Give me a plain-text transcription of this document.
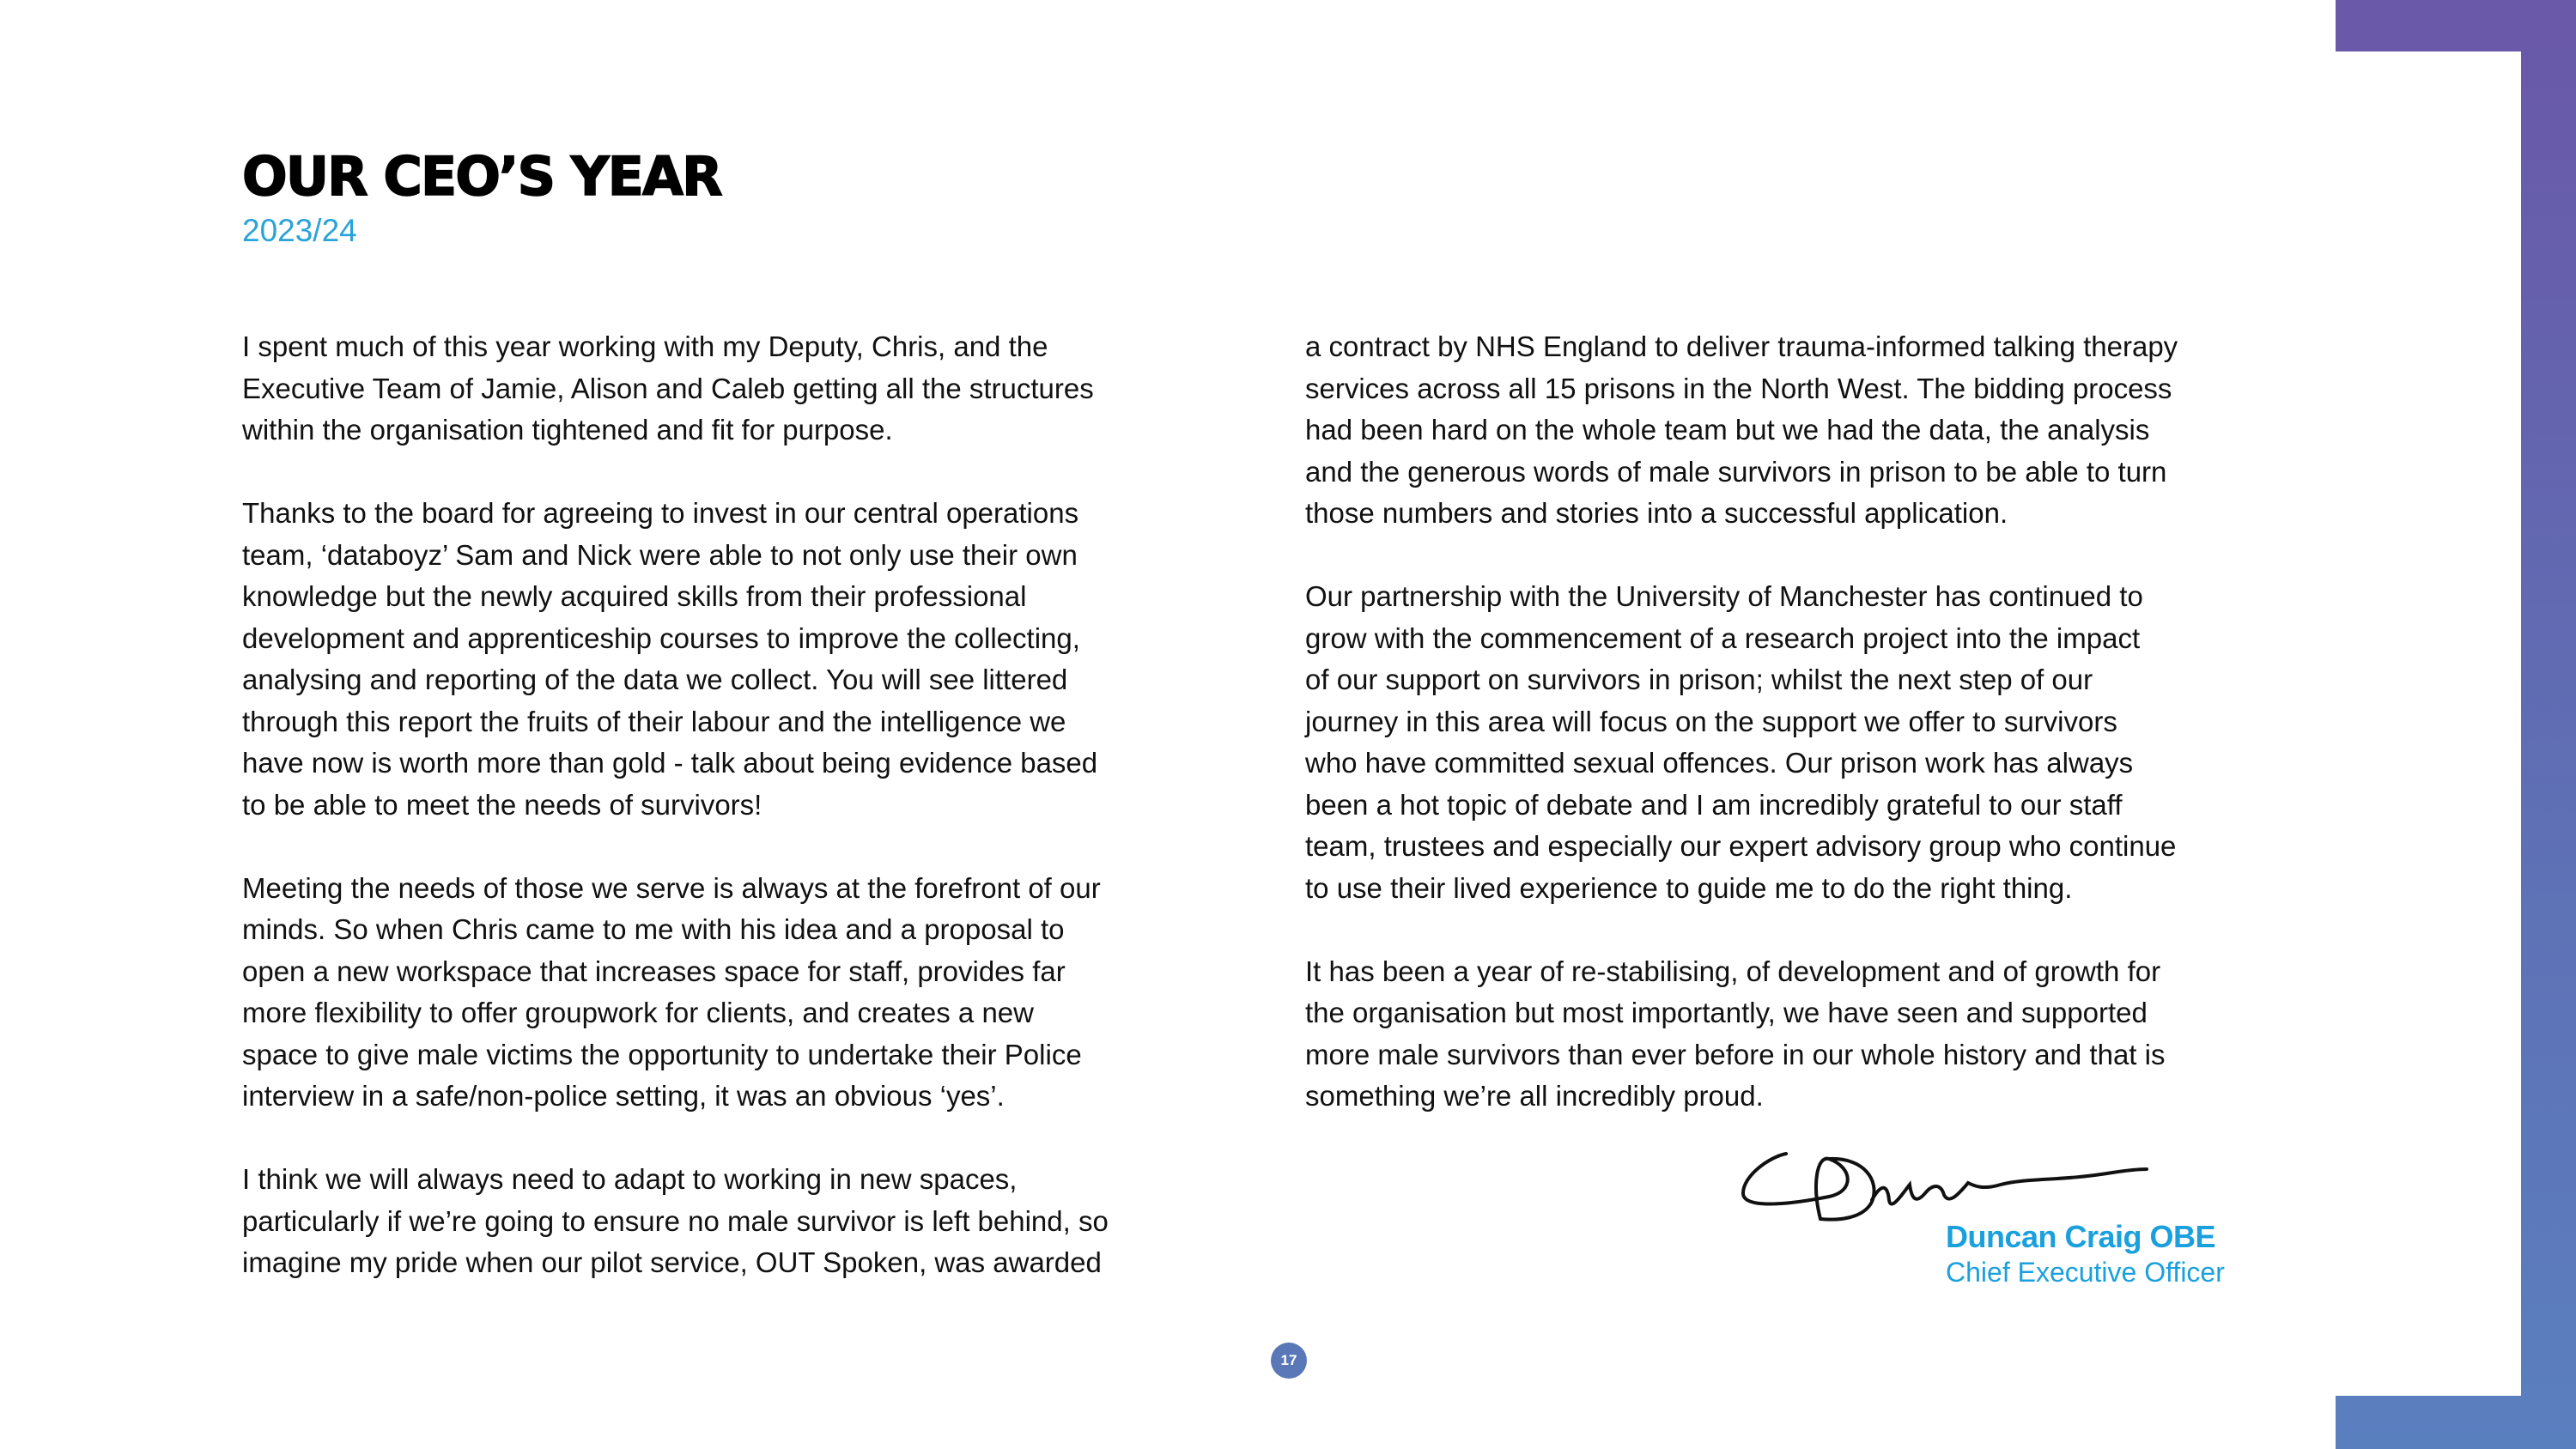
OUR CEO’S YEAR
2023/24

I spent much of this year working with my Deputy, Chris, and the
Executive Team of Jamie, Alison and Caleb getting all the structures
within the organisation tightened and fit for purpose.

Thanks to the board for agreeing to invest in our central operations
team, ‘databoyz’ Sam and Nick were able to not only use their own
knowledge but the newly acquired skills from their professional
development and apprenticeship courses to improve the collecting,
analysing and reporting of the data we collect. You will see littered
through this report the fruits of their labour and the intelligence we
have now is worth more than gold - talk about being evidence based
to be able to meet the needs of survivors!

Meeting the needs of those we serve is always at the forefront of our
minds. So when Chris came to me with his idea and a proposal to
open a new workspace that increases space for staff, provides far
more flexibility to offer groupwork for clients, and creates a new
space to give male victims the opportunity to undertake their Police
interview in a safe/non-police setting, it was an obvious ‘yes’.

I think we will always need to adapt to working in new spaces,
particularly if we’re going to ensure no male survivor is left behind, so
imagine my pride when our pilot service, OUT Spoken, was awarded

a contract by NHS England to deliver trauma-informed talking therapy
services across all 15 prisons in the North West. The bidding process
had been hard on the whole team but we had the data, the analysis
and the generous words of male survivors in prison to be able to turn
those numbers and stories into a successful application.

Our partnership with the University of Manchester has continued to
grow with the commencement of a research project into the impact
of our support on survivors in prison; whilst the next step of our
journey in this area will focus on the support we offer to survivors
who have committed sexual offences. Our prison work has always
been a hot topic of debate and I am incredibly grateful to our staff
team, trustees and especially our expert advisory group who continue
to use their lived experience to guide me to do the right thing.

It has been a year of re-stabilising, of development and of growth for
the organisation but most importantly, we have seen and supported
more male survivors than ever before in our whole history and that is
something we’re all incredibly proud.

Duncan Craig OBE
Chief Executive Officer
17
